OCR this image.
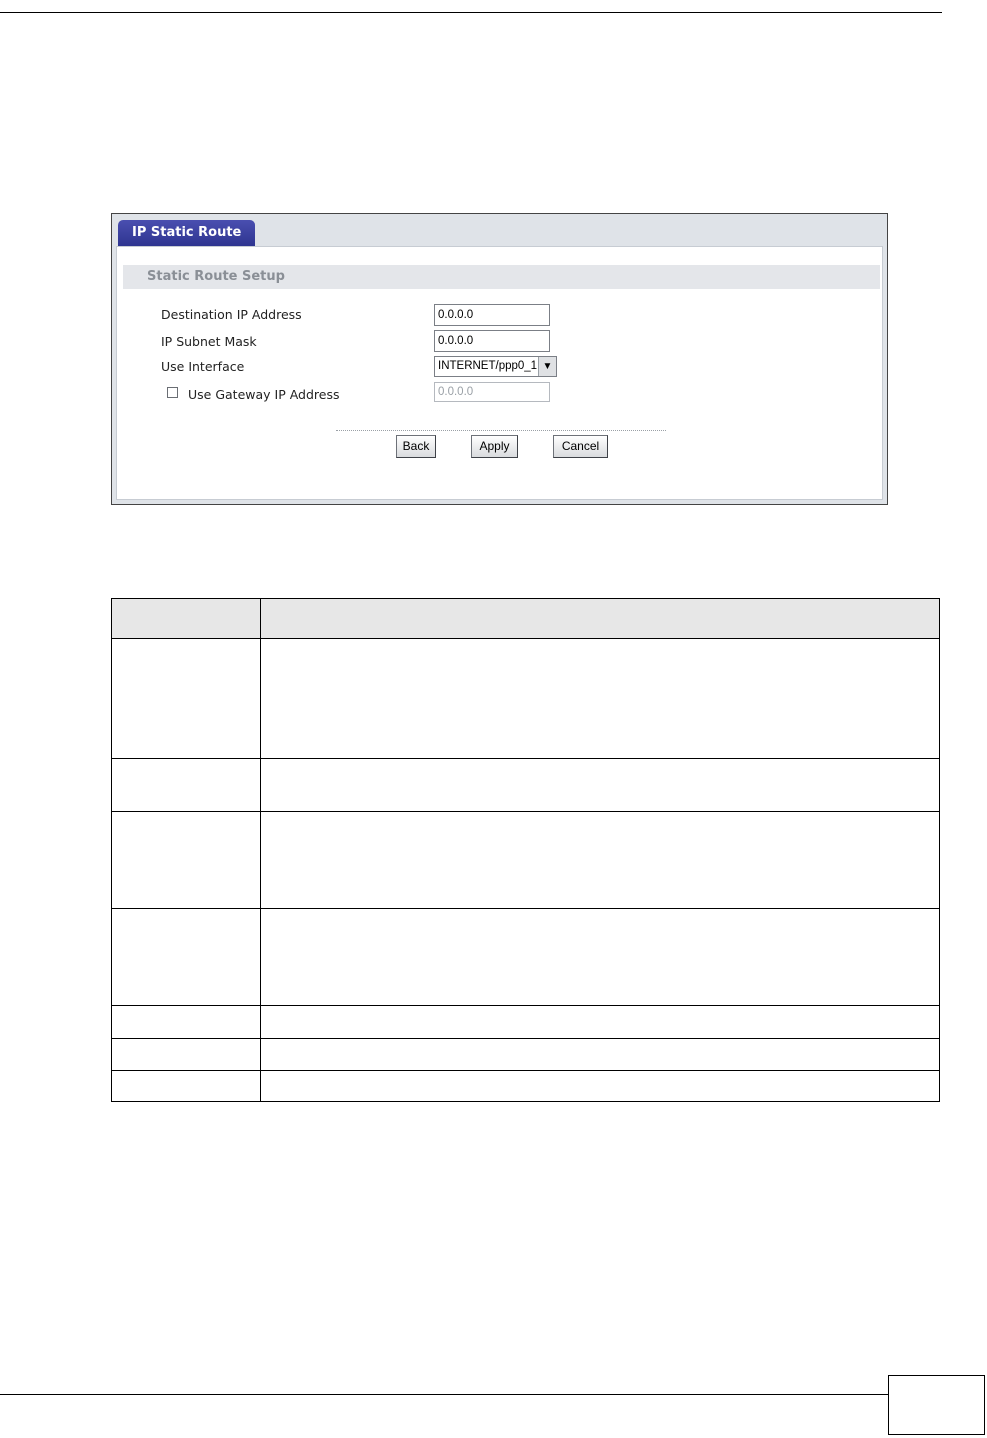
IP Static Route
Static Route Setup
Destination IP Address	0.0.0.0
IP Subnet Mask	0.0.0.0
Use Interface	INTERNET/ppp0_1 ▼
Use Gateway IP Address	0.0.0.0
Back	Apply	Cancel
